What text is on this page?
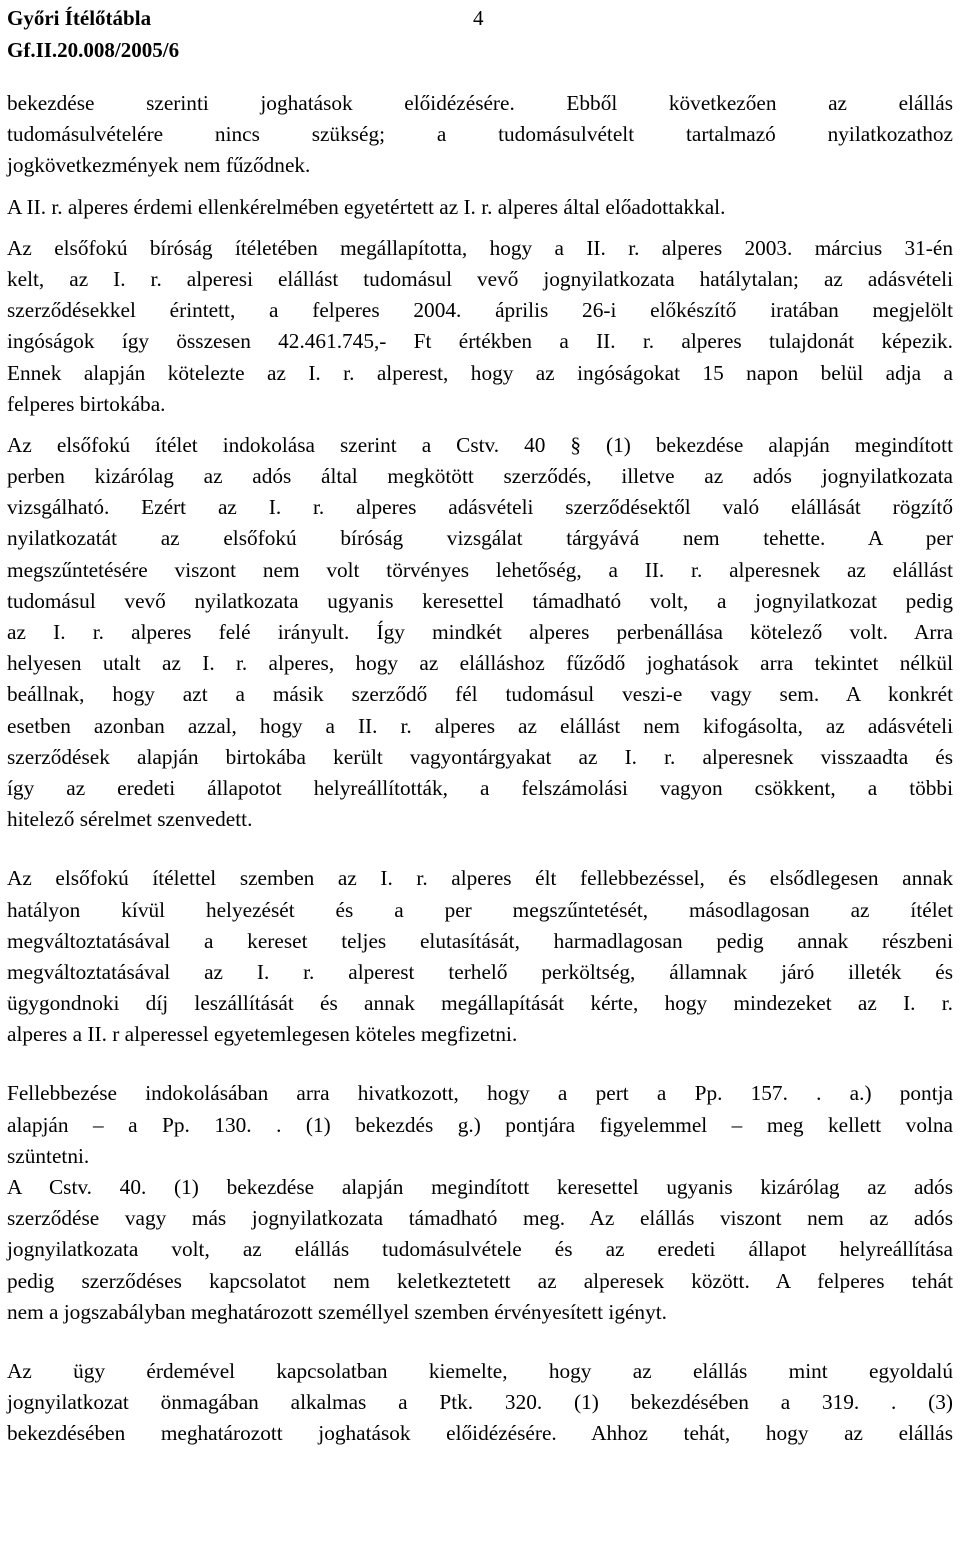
Győri Ítélőtábla
Gf.II.20.008/2005/6
4
bekezdése szerinti joghatások előidézésére. Ebből következően az elállás
tudomásulvételére nincs szükség; a tudomásulvételt tartalmazó nyilatkozathoz
jogkövetkezmények nem fűződnek.
A II. r. alperes érdemi ellenkérelmében egyetértett az I. r. alperes által előadottakkal.
Az elsőfokú bíróság ítéletében megállapította, hogy a II. r. alperes 2003. március 31-én
kelt, az I. r. alperesi elállást tudomásul vevő jognyilatkozata hatálytalan; az adásvételi
szerződésekkel érintett, a felperes 2004. április 26-i előkészítő iratában megjelölt
ingóságok így összesen 42.461.745,- Ft értékben a II. r. alperes tulajdonát képezik.
Ennek alapján kötelezte az I. r. alperest, hogy az ingóságokat 15 napon belül adja a
felperes birtokába.
Az elsőfokú ítélet indokolása szerint a Cstv. 40 § (1) bekezdése alapján megindított
perben kizárólag az adós által megkötött szerződés, illetve az adós jognyilatkozata
vizsgálható. Ezért az I. r. alperes adásvételi szerződésektől való elállását rögzítő
nyilatkozatát az elsőfokú bíróság vizsgálat tárgyává nem tehette. A per
megszűntetésére viszont nem volt törvényes lehetőség, a II. r. alperesnek az elállást
tudomásul vevő nyilatkozata ugyanis keresettel támadható volt, a jognyilatkozat pedig
az I. r. alperes felé irányult. Így mindkét alperes perbenállása kötelező volt. Arra
helyesen utalt az I. r. alperes, hogy az elálláshoz fűződő joghatások arra tekintet nélkül
beállnak, hogy azt a másik szerződő fél tudomásul veszi-e vagy sem. A konkrét
esetben azonban azzal, hogy a II. r. alperes az elállást nem kifogásolta, az adásvételi
szerződések alapján birtokába került vagyontárgyakat az I. r. alperesnek visszaadta és
így az eredeti állapotot helyreállították, a felszámolási vagyon csökkent, a többi
hitelező sérelmet szenvedett.
Az elsőfokú ítélettel szemben az I. r. alperes élt fellebbezéssel, és elsődlegesen annak
hatályon kívül helyezését és a per megszűntetését, másodlagosan az ítélet
megváltoztatásával a kereset teljes elutasítását, harmadlagosan pedig annak részbeni
megváltoztatásával az I. r. alperest terhelő perköltség, államnak járó illeték és
ügygondnoki díj leszállítását és annak megállapítását kérte, hogy mindezeket az I. r.
alperes a II. r alperessel egyetemlegesen köteles megfizetni.
Fellebbezése indokolásában arra hivatkozott, hogy a pert a Pp. 157. . a.) pontja
alapján – a Pp. 130. . (1) bekezdés g.) pontjára figyelemmel – meg kellett volna
szüntetni.
A Cstv. 40. (1) bekezdése alapján megindított keresettel ugyanis kizárólag az adós
szerződése vagy más jognyilatkozata támadható meg. Az elállás viszont nem az adós
jognyilatkozata volt, az elállás tudomásulvétele és az eredeti állapot helyreállítása
pedig szerződéses kapcsolatot nem keletkeztetett az alperesek között. A felperes tehát
nem a jogszabályban meghatározott személlyel szemben érvényesített igényt.
Az ügy érdemével kapcsolatban kiemelte, hogy az elállás mint egyoldalú
jognyilatkozat önmagában alkalmas a Ptk. 320. (1) bekezdésében a 319. . (3)
bekezdésében meghatározott joghatások előidézésére. Ahhoz tehát, hogy az elállás
